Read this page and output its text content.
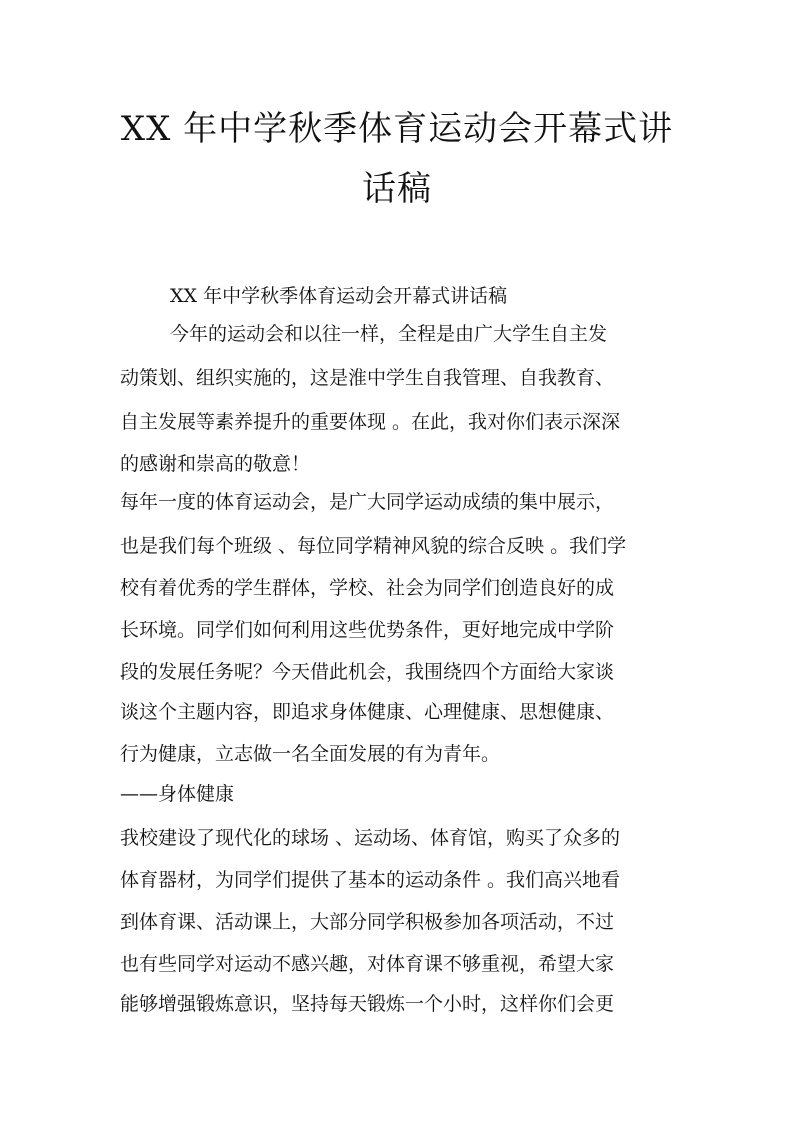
XX 年中学秋季体育运动会开幕式讲
话稿
XX 年中学秋季体育运动会开幕式讲话稿
今年的运动会和以往一样，全程是由广大学生自主发
动策划、组织实施的，这是淮中学生自我管理、自我教育、
自主发展等素养提升的重要体现 。在此，我对你们表示深深
的感谢和崇高的敬意！
每年一度的体育运动会，是广大同学运动成绩的集中展示，
也是我们每个班级 、每位同学精神风貌的综合反映 。我们学
校有着优秀的学生群体，学校、社会为同学们创造良好的成
长环境。同学们如何利用这些优势条件，更好地完成中学阶
段的发展任务呢？今天借此机会，我围绕四个方面给大家谈
谈这个主题内容，即追求身体健康、心理健康、思想健康、
行为健康，立志做一名全面发展的有为青年。
——身体健康
我校建设了现代化的球场 、运动场、体育馆，购买了众多的
体育器材，为同学们提供了基本的运动条件 。我们高兴地看
到体育课、活动课上，大部分同学积极参加各项活动，不过
也有些同学对运动不感兴趣，对体育课不够重视，希望大家
能够增强锻炼意识，坚持每天锻炼一个小时，这样你们会更
